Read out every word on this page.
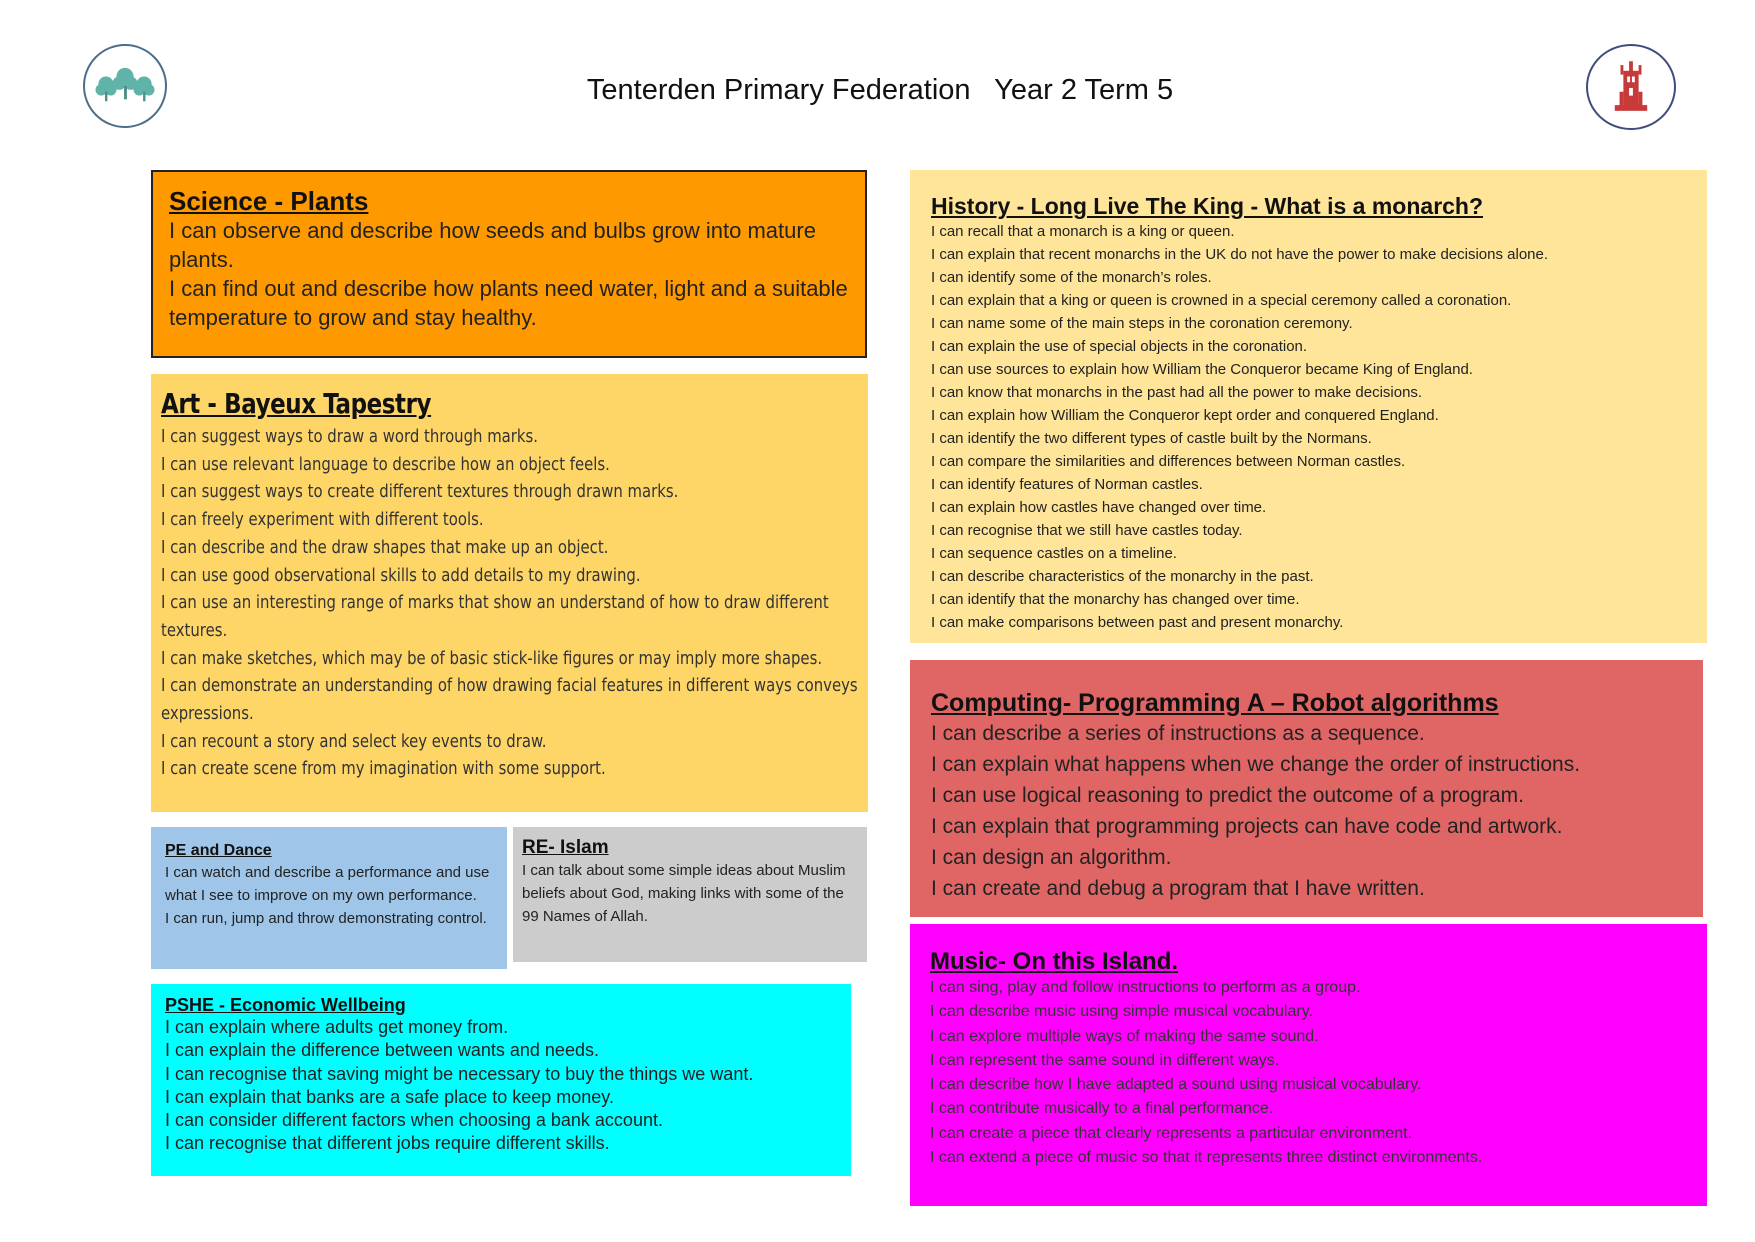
Tenterden Primary Federation   Year 2 Term 5
Science - Plants
I can observe and describe how seeds and bulbs grow into mature plants.
I can find out and describe how plants need water, light and a suitable temperature to grow and stay healthy.
Art - Bayeux Tapestry
I can suggest ways to draw a word through marks.
I can use relevant language to describe how an object feels.
I can suggest ways to create different textures through drawn marks.
I can freely experiment with different tools.
I can describe and the draw shapes that make up an object.
I can use good observational skills to add details to my drawing.
I can use an interesting range of marks that show an understand of how to draw different textures.
I can make sketches, which may be of basic stick-like figures or may imply more shapes.
I can demonstrate an understanding of how drawing facial features in different ways conveys expressions.
I can recount a story and select key events to draw.
I can create scene from my imagination with some support.
PE and Dance
I can watch and describe a performance and use what I see to improve on my own performance.
I can run, jump and throw demonstrating control.
RE- Islam
I can talk about some simple ideas about Muslim beliefs about God, making links with some of the 99 Names of Allah.
PSHE - Economic Wellbeing
I can explain where adults get money from.
I can explain the difference between wants and needs.
I can recognise that saving might be necessary to buy the things we want.
I can explain that banks are a safe place to keep money.
I can consider different factors when choosing a bank account.
I can recognise that different jobs require different skills.
History - Long Live The King - What is a monarch?
I can recall that a monarch is a king or queen.
I can explain that recent monarchs in the UK do not have the power to make decisions alone.
I can identify some of the monarch’s roles.
I can explain that a king or queen is crowned in a special ceremony called a coronation.
I can name some of the main steps in the coronation ceremony.
I can explain the use of special objects in the coronation.
I can use sources to explain how William the Conqueror became King of England.
I can know that monarchs in the past had all the power to make decisions.
I can explain how William the Conqueror kept order and conquered England.
I can identify the two different types of castle built by the Normans.
I can compare the similarities and differences between Norman castles.
I can identify features of Norman castles.
I can explain how castles have changed over time.
I can recognise that we still have castles today.
I can sequence castles on a timeline.
I can describe characteristics of the monarchy in the past.
I can identify that the monarchy has changed over time.
I can make comparisons between past and present monarchy.
Computing- Programming A – Robot algorithms
I can describe a series of instructions as a sequence.
I can explain what happens when we change the order of instructions.
I can use logical reasoning to predict the outcome of a program.
I can explain that programming projects can have code and artwork.
I can design an algorithm.
I can create and debug a program that I have written.
Music- On this Island.
I can sing, play and follow instructions to perform as a group.
I can describe music using simple musical vocabulary.
I can explore multiple ways of making the same sound.
I can represent the same sound in different ways.
I can describe how I have adapted a sound using musical vocabulary.
I can contribute musically to a final performance.
I can create a piece that clearly represents a particular environment.
I can extend a piece of music so that it represents three distinct environments.
